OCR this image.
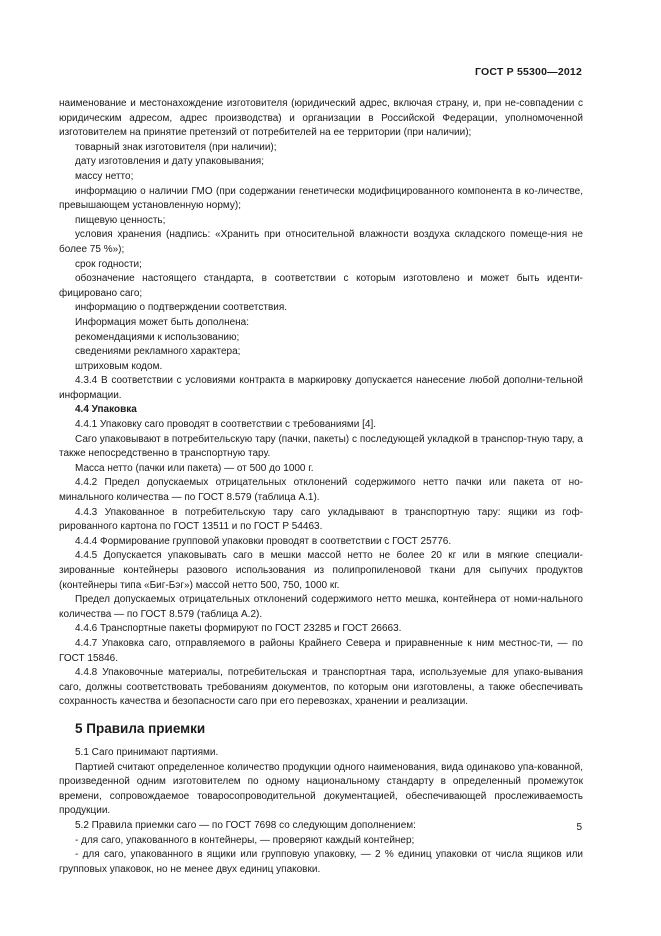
ГОСТ Р 55300—2012

наименование и местонахождение изготовителя (юридический адрес, включая страну, и, при не-совпадении с юридическим адресом, адрес производства) и организации в Российской Федерации, уполномоченной изготовителем на принятие претензий от потребителей на ее территории (при наличии);

товарный знак изготовителя (при наличии);

дату изготовления и дату упаковывания;

массу нетто;

информацию о наличии ГМО (при содержании генетически модифицированного компонента в ко-личестве, превышающем установленную норму);

пищевую ценность;

условия хранения (надпись: «Хранить при относительной влажности воздуха складского помеще-ния не более 75 %»);

срок годности;

обозначение настоящего стандарта, в соответствии с которым изготовлено и может быть иденти-фицировано саго;

информацию о подтверждении соответствия.

Информация может быть дополнена:

рекомендациями к использованию;

сведениями рекламного характера;

штриховым кодом.

4.3.4 В соответствии с условиями контракта в маркировку допускается нанесение любой дополни-тельной информации.

4.4 Упаковка

4.4.1 Упаковку саго проводят в соответствии с требованиями [4].

Саго упаковывают в потребительскую тару (пачки, пакеты) с последующей укладкой в транспор-тную тару, а также непосредственно в транспортную тару.

Масса нетто (пачки или пакета) — от 500 до 1000 г.

4.4.2 Предел допускаемых отрицательных отклонений содержимого нетто пачки или пакета от но-минального количества — по ГОСТ 8.579 (таблица А.1).

4.4.3 Упакованное в потребительскую тару саго укладывают в транспортную тару: ящики из гоф-рированного картона по ГОСТ 13511 и по ГОСТ Р 54463.

4.4.4 Формирование групповой упаковки проводят в соответствии с ГОСТ 25776.

4.4.5 Допускается упаковывать саго в мешки массой нетто не более 20 кг или в мягкие специали-зированные контейнеры разового использования из полипропиленовой ткани для сыпучих продуктов (контейнеры типа «Биг-Бэг») массой нетто 500, 750, 1000 кг.

Предел допускаемых отрицательных отклонений содержимого нетто мешка, контейнера от номи-нального количества — по ГОСТ 8.579 (таблица А.2).

4.4.6 Транспортные пакеты формируют по ГОСТ 23285 и ГОСТ 26663.

4.4.7 Упаковка саго, отправляемого в районы Крайнего Севера и приравненные к ним местнос-ти, — по ГОСТ 15846.

4.4.8 Упаковочные материалы, потребительская и транспортная тара, используемые для упако-вывания саго, должны соответствовать требованиям документов, по которым они изготовлены, а также обеспечивать сохранность качества и безопасности саго при его перевозках, хранении и реализации.

5 Правила приемки

5.1 Саго принимают партиями.

Партией считают определенное количество продукции одного наименования, вида одинаково упа-кованной, произведенной одним изготовителем по одному национальному стандарту в определенный промежуток времени, сопровождаемое товаросопроводительной документацией, обеспечивающей прослеживаемость продукции.

5.2 Правила приемки саго — по ГОСТ 7698 со следующим дополнением:

- для саго, упакованного в контейнеры, — проверяют каждый контейнер;

- для саго, упакованного в ящики или групповую упаковку, — 2 % единиц упаковки от числа ящиков или групповых упаковок, но не менее двух единиц упаковки.

5
